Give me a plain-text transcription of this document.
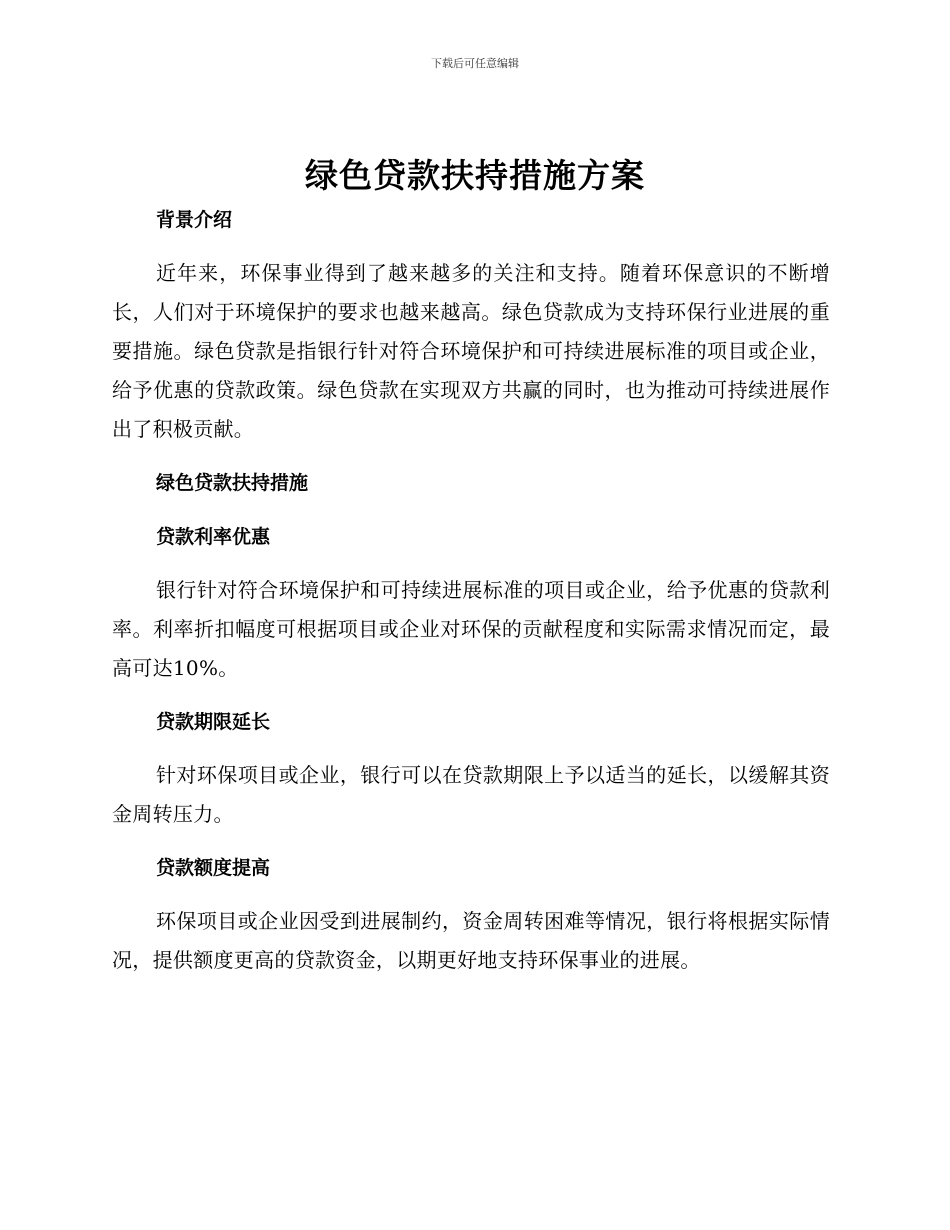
下载后可任意编辑
绿色贷款扶持措施方案
背景介绍

近年来，环保事业得到了越来越多的关注和支持。随着环保意识的不断增长，人们对于环境保护的要求也越来越高。绿色贷款成为支持环保行业进展的重要措施。绿色贷款是指银行针对符合环境保护和可持续进展标准的项目或企业，给予优惠的贷款政策。绿色贷款在实现双方共赢的同时，也为推动可持续进展作出了积极贡献。

绿色贷款扶持措施
贷款利率优惠

银行针对符合环境保护和可持续进展标准的项目或企业，给予优惠的贷款利率。利率折扣幅度可根据项目或企业对环保的贡献程度和实际需求情况而定，最高可达10%。

贷款期限延长

针对环保项目或企业，银行可以在贷款期限上予以适当的延长，以缓解其资金周转压力。

贷款额度提高

环保项目或企业因受到进展制约，资金周转困难等情况，银行将根据实际情况，提供额度更高的贷款资金，以期更好地支持环保事业的进展。
